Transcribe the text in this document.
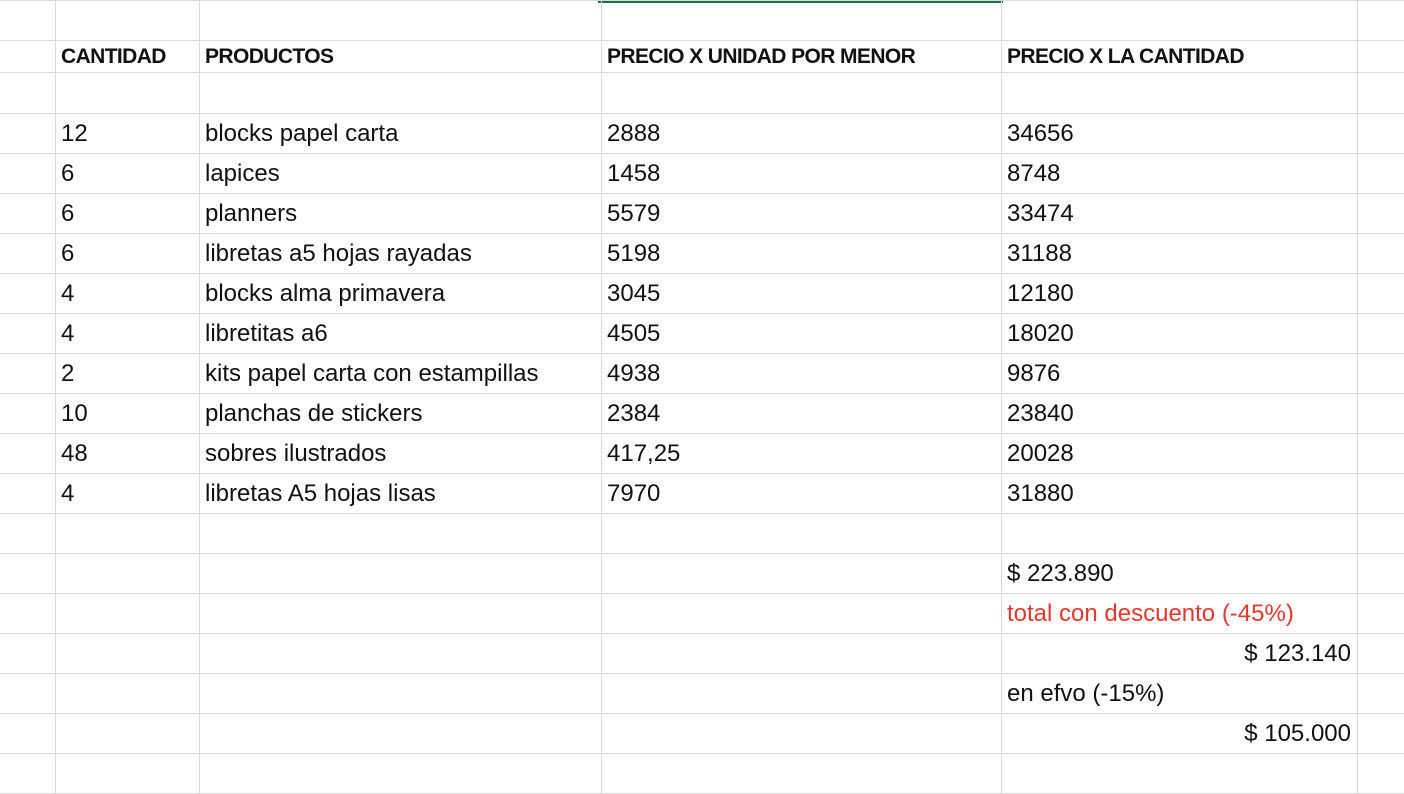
CANTIDAD	PRODUCTOS	PRECIO X UNIDAD POR MENOR	PRECIO X LA CANTIDAD
12	blocks papel carta	2888	34656
6	lapices	1458	8748
6	planners	5579	33474
6	libretas a5 hojas rayadas	5198	31188
4	blocks alma primavera	3045	12180
4	libretitas a6	4505	18020
2	kits papel carta con estampillas	4938	9876
10	planchas de stickers	2384	23840
48	sobres ilustrados	417,25	20028
4	libretas A5 hojas lisas	7970	31880
$ 223.890
total con descuento (-45%)
$ 123.140
en efvo (-15%)
$ 105.000
